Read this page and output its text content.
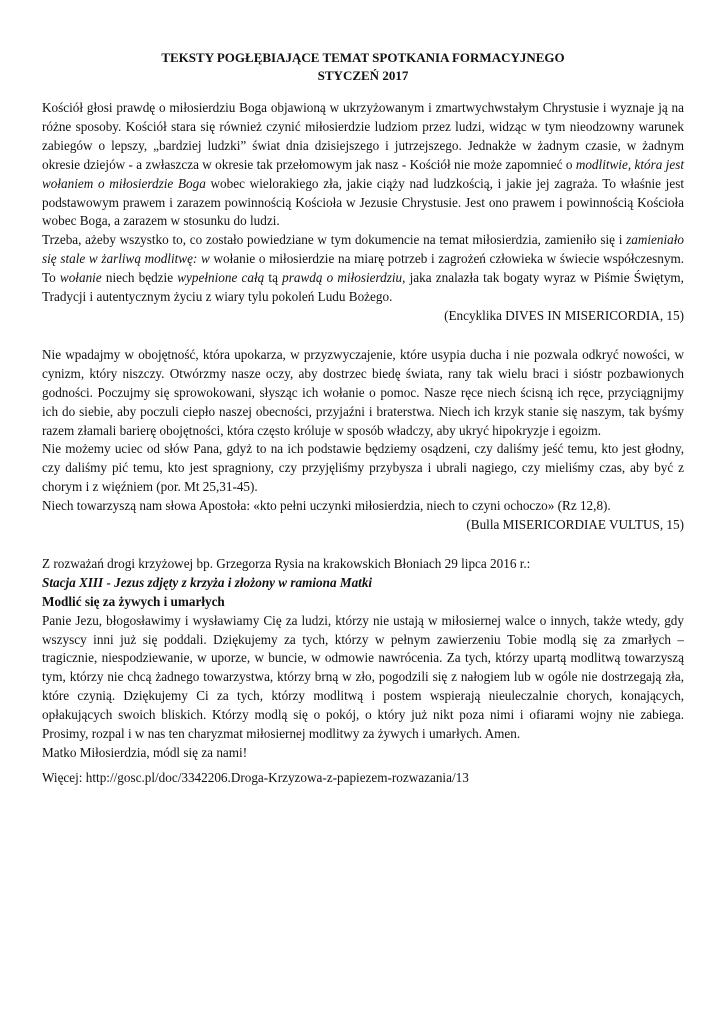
TEKSTY POGŁĘBIAJĄCE TEMAT SPOTKANIA FORMACYJNEGO
STYCZEŃ 2017

Kościół głosi prawdę o miłosierdziu Boga objawioną w ukrzyżowanym i zmartwychwstałym Chrystusie i wyznaje ją na różne sposoby. Kościół stara się również czynić miłosierdzie ludziom przez ludzi, widząc w tym nieodzowny warunek zabiegów o lepszy, „bardziej ludzki” świat dnia dzisiejszego i jutrzejszego. Jednakże w żadnym czasie, w żadnym okresie dziejów - a zwłaszcza w okresie tak przełomowym jak nasz - Kościół nie może zapomnieć o modlitwie, która jest wołaniem o miłosierdzie Boga wobec wielorakiego zła, jakie ciąży nad ludzkością, i jakie jej zagraża. To właśnie jest podstawowym prawem i zarazem powinnością Kościoła w Jezusie Chrystusie. Jest ono prawem i powinnością Kościoła wobec Boga, a zarazem w stosunku do ludzi.

Trzeba, ażeby wszystko to, co zostało powiedziane w tym dokumencie na temat miłosierdzia, zamieniło się i zamieniało się stale w żarliwą modlitwę: w wołanie o miłosierdzie na miarę potrzeb i zagrożeń człowieka w świecie współczesnym. To wołanie niech będzie wypełnione całą tą prawdą o miłosierdziu, jaka znalazła tak bogaty wyraz w Piśmie Świętym, Tradycji i autentycznym życiu z wiary tylu pokoleń Ludu Bożego.

(Encyklika DIVES IN MISERICORDIA, 15)

Nie wpadajmy w obojętność, która upokarza, w przyzwyczajenie, które usypia ducha i nie pozwala odkryć nowości, w cynizm, który niszczy. Otwórzmy nasze oczy, aby dostrzec biedę świata, rany tak wielu braci i sióstr pozbawionych godności. Poczujmy się sprowokowani, słysząc ich wołanie o pomoc. Nasze ręce niech ścisną ich ręce, przyciągnijmy ich do siebie, aby poczuli ciepło naszej obecności, przyjaźni i braterstwa. Niech ich krzyk stanie się naszym, tak byśmy razem złamali barierę obojętności, która często króluje w sposób władczy, aby ukryć hipokryzje i egoizm.

Nie możemy uciec od słów Pana, gdyż to na ich podstawie będziemy osądzeni, czy daliśmy jeść temu, kto jest głodny, czy daliśmy pić temu, kto jest spragniony, czy przyjęliśmy przybysza i ubrali nagiego, czy mieliśmy czas, aby być z chorym i z więźniem (por. Mt 25,31-45).

Niech towarzyszą nam słowa Apostoła: «kto pełni uczynki miłosierdzia, niech to czyni ochoczo» (Rz 12,8).

(Bulla MISERICORDIAE VULTUS, 15)

Z rozważań drogi krzyżowej bp. Grzegorza Rysia na krakowskich Błoniach 29 lipca 2016 r.:

Stacja XIII - Jezus zdjęty z krzyża i złożony w ramiona Matki

Modlić się za żywych i umarłych

Panie Jezu, błogosławimy i wysławiamy Cię za ludzi, którzy nie ustają w miłosiernej walce o innych, także wtedy, gdy wszyscy inni już się poddali. Dziękujemy za tych, którzy w pełnym zawierzeniu Tobie modlą się za zmarłych – tragicznie, niespodziewanie, w uporze, w buncie, w odmowie nawrócenia. Za tych, którzy upartą modlitwą towarzyszą tym, którzy nie chcą żadnego towarzystwa, którzy brną w zło, pogodzili się z nałogiem lub w ogóle nie dostrzegają zła, które czynią. Dziękujemy Ci za tych, którzy modlitwą i postem wspierają nieuleczalnie chorych, konających, opłakujących swoich bliskich. Którzy modlą się o pokój, o który już nikt poza nimi i ofiarami wojny nie zabiega. Prosimy, rozpal i w nas ten charyzmat miłosiernej modlitwy za żywych i umarłych. Amen.

Matko Miłosierdzia, módl się za nami!

Więcej: http://gosc.pl/doc/3342206.Droga-Krzyzowa-z-papiezem-rozwazania/13
